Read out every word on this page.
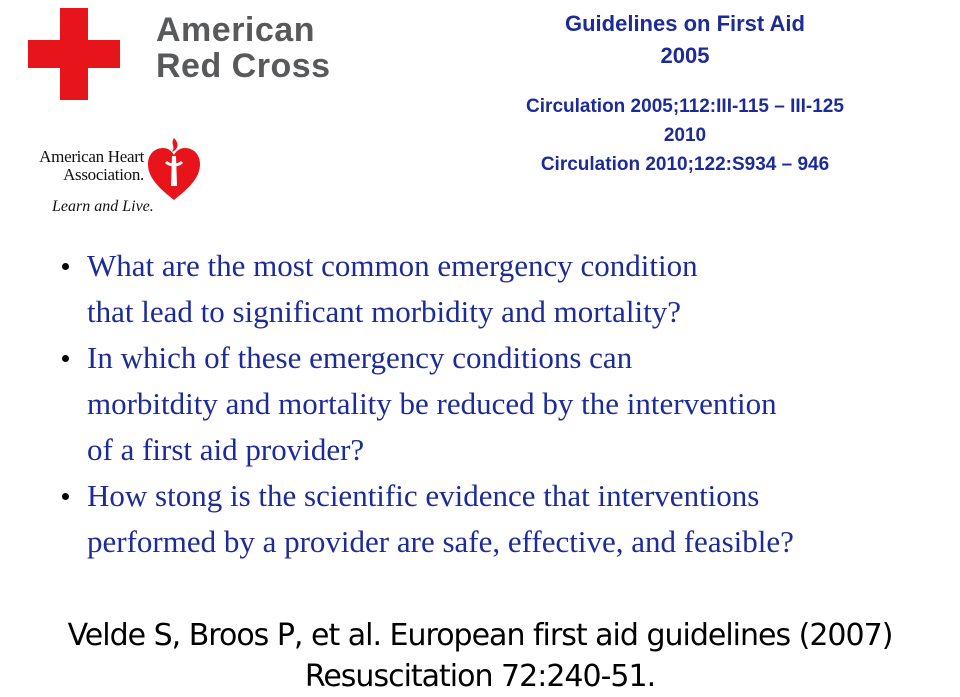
American
Red Cross
American Heart
Association.
Learn and Live.
Guidelines on First Aid
2005
Circulation 2005;112:III-115 – III-125
2010
Circulation 2010;122:S934 – 946
What are the most common emergency condition
that lead to significant morbidity and mortality?
In which of these emergency conditions can
morbitdity and mortality be reduced by the intervention
of a first aid provider?
How stong is the scientific evidence that interventions
performed by a provider are safe, effective, and feasible?
Velde S, Broos P, et al. European first aid guidelines (2007)
Resuscitation 72:240-51.
